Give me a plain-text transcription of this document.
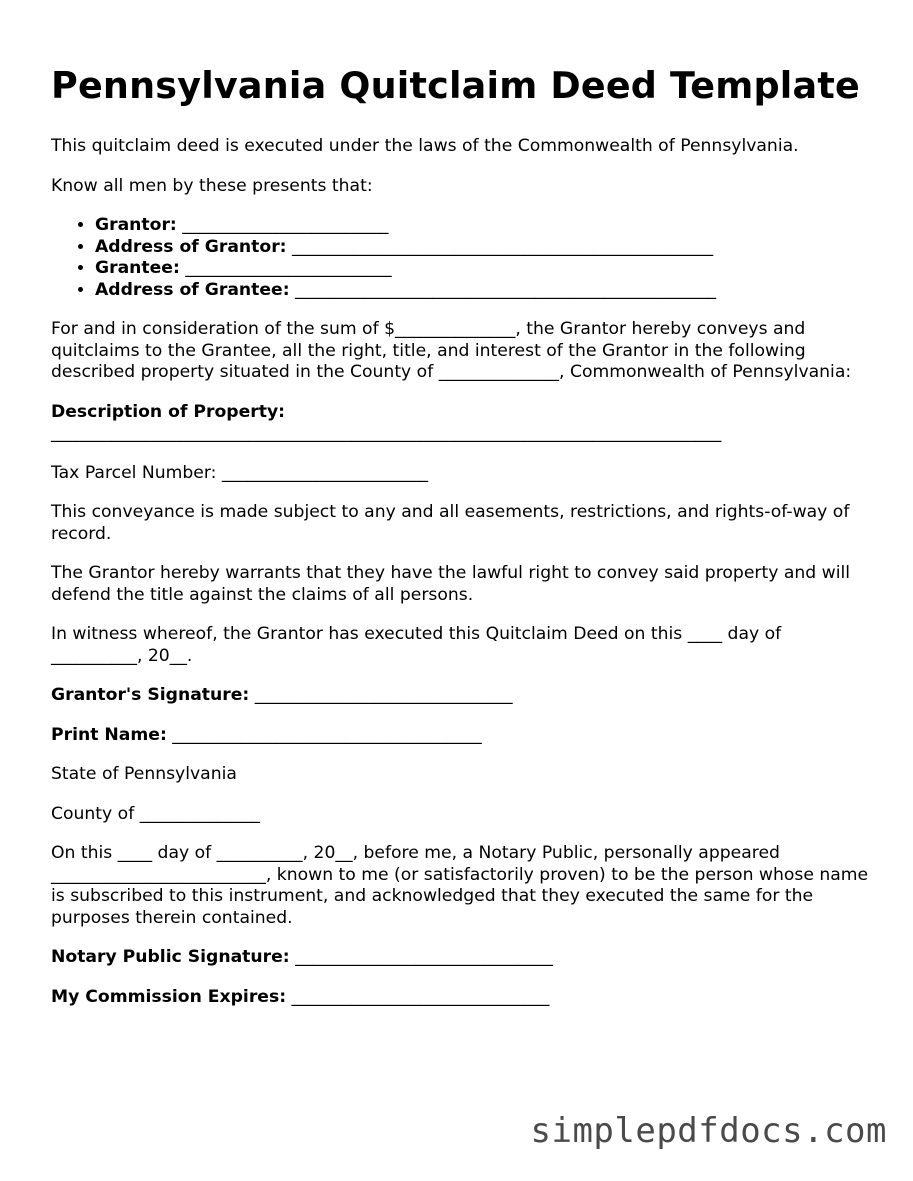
Pennsylvania Quitclaim Deed Template

This quitclaim deed is executed under the laws of the Commonwealth of Pennsylvania.

Know all men by these presents that:

• Grantor: ________________________
• Address of Grantor: _________________________________________________
• Grantee: ________________________
• Address of Grantee: _________________________________________________

For and in consideration of the sum of $______________, the Grantor hereby conveys and quitclaims to the Grantee, all the right, title, and interest of the Grantor in the following described property situated in the County of ______________, Commonwealth of Pennsylvania:

Description of Property:
______________________________________________________________________________

Tax Parcel Number: ________________________

This conveyance is made subject to any and all easements, restrictions, and rights-of-way of record.

The Grantor hereby warrants that they have the lawful right to convey said property and will defend the title against the claims of all persons.

In witness whereof, the Grantor has executed this Quitclaim Deed on this ____ day of __________, 20__.

Grantor's Signature: ______________________________

Print Name: ____________________________________

State of Pennsylvania

County of ______________

On this ____ day of __________, 20__, before me, a Notary Public, personally appeared _________________________, known to me (or satisfactorily proven) to be the person whose name is subscribed to this instrument, and acknowledged that they executed the same for the purposes therein contained.

Notary Public Signature: ______________________________

My Commission Expires: ______________________________

simplepdfdocs.com
